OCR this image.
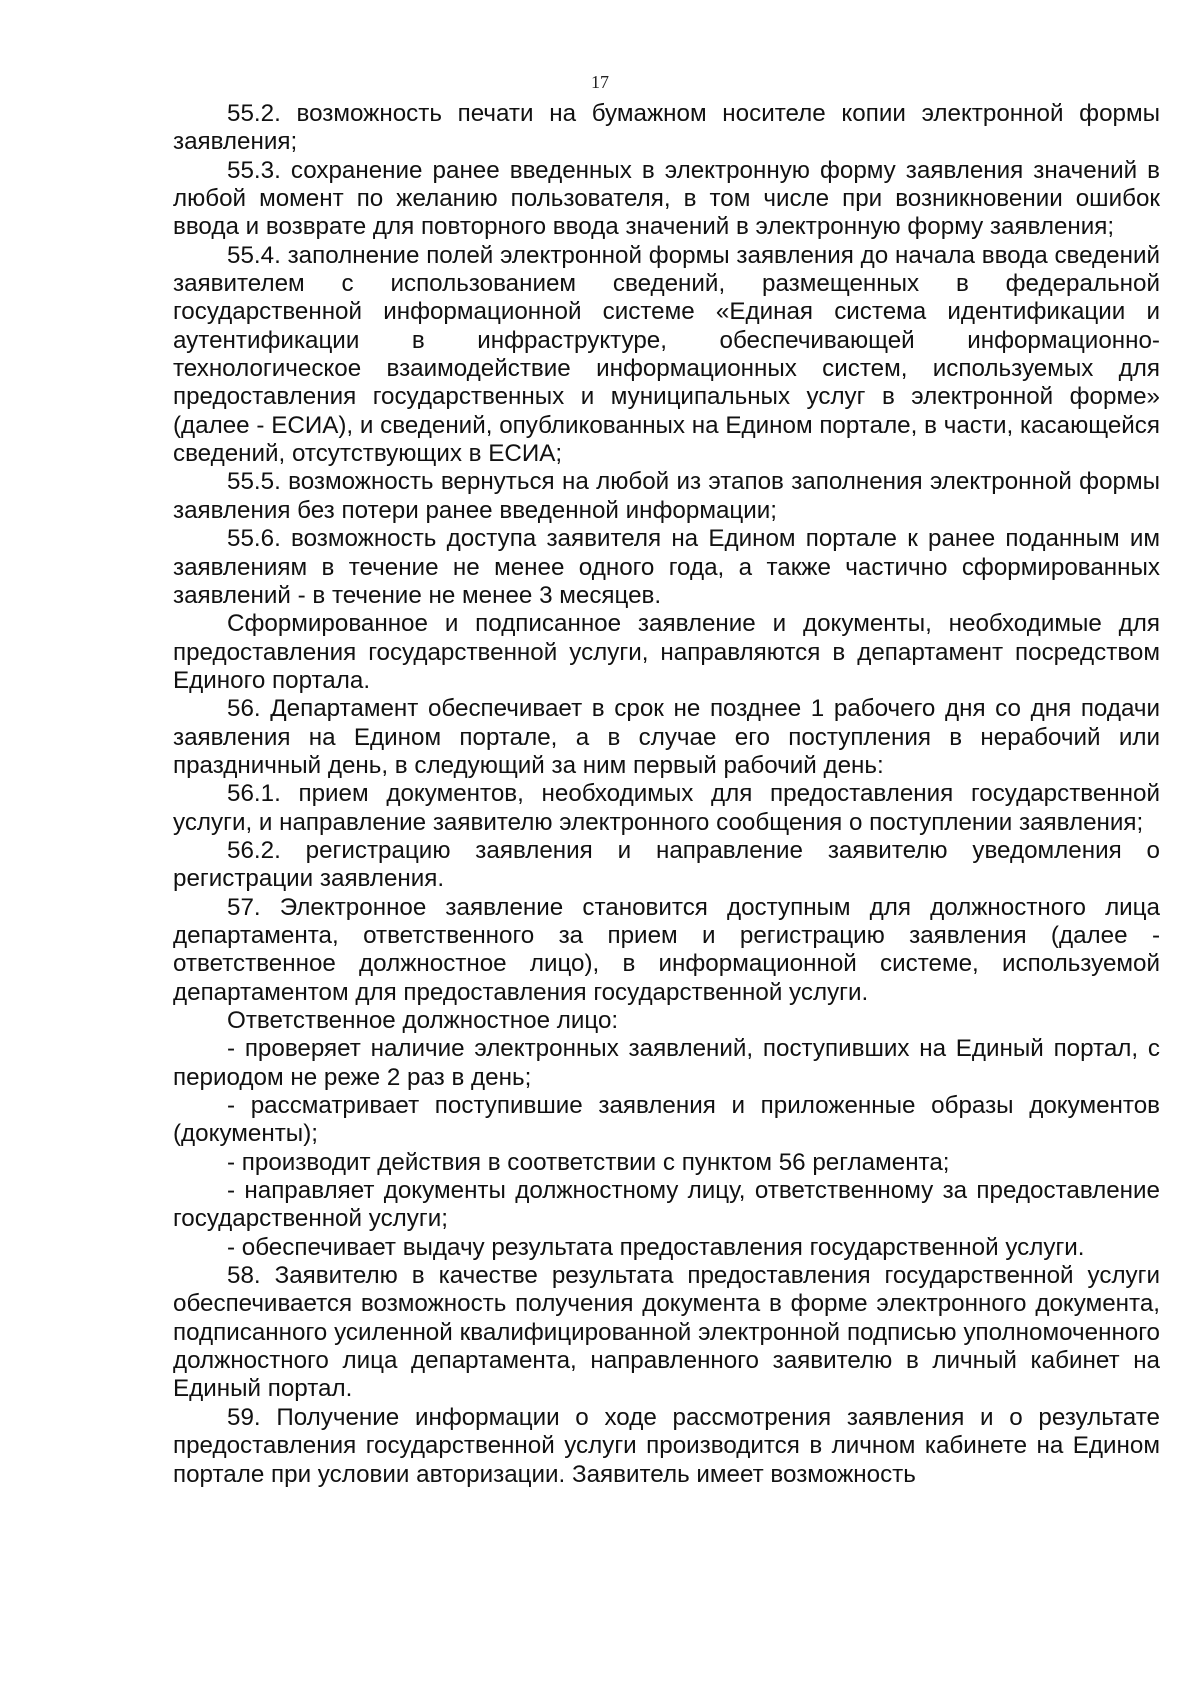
17

55.2. возможность печати на бумажном носителе копии электронной формы заявления;

55.3. сохранение ранее введенных в электронную форму заявления значений в любой момент по желанию пользователя, в том числе при возникновении ошибок ввода и возврате для повторного ввода значений в электронную форму заявления;

55.4. заполнение полей электронной формы заявления до начала ввода сведений заявителем с использованием сведений, размещенных в федеральной государственной информационной системе «Единая система идентификации и аутентификации в инфраструктуре, обеспечивающей информационно-технологическое взаимодействие информационных систем, используемых для предоставления государственных и муниципальных услуг в электронной форме» (далее - ЕСИА), и сведений, опубликованных на Едином портале, в части, касающейся сведений, отсутствующих в ЕСИА;

55.5. возможность вернуться на любой из этапов заполнения электронной формы заявления без потери ранее введенной информации;

55.6. возможность доступа заявителя на Едином портале к ранее поданным им заявлениям в течение не менее одного года, а также частично сформированных заявлений - в течение не менее 3 месяцев.

Сформированное и подписанное заявление и документы, необходимые для предоставления государственной услуги, направляются в департамент посредством Единого портала.

56. Департамент обеспечивает в срок не позднее 1 рабочего дня со дня подачи заявления на Едином портале, а в случае его поступления в нерабочий или праздничный день, в следующий за ним первый рабочий день:

56.1. прием документов, необходимых для предоставления государственной услуги, и направление заявителю электронного сообщения о поступлении заявления;

56.2. регистрацию заявления и направление заявителю уведомления о регистрации заявления.

57. Электронное заявление становится доступным для должностного лица департамента, ответственного за прием и регистрацию заявления (далее - ответственное должностное лицо), в информационной системе, используемой департаментом для предоставления государственной услуги.

Ответственное должностное лицо:

- проверяет наличие электронных заявлений, поступивших на Единый портал, с периодом не реже 2 раз в день;

- рассматривает поступившие заявления и приложенные образы документов (документы);

- производит действия в соответствии с пунктом 56 регламента;

- направляет документы должностному лицу, ответственному за предоставление государственной услуги;

- обеспечивает выдачу результата предоставления государственной услуги.

58. Заявителю в качестве результата предоставления государственной услуги обеспечивается возможность получения документа в форме электронного документа, подписанного усиленной квалифицированной электронной подписью уполномоченного должностного лица департамента, направленного заявителю в личный кабинет на Единый портал.

59. Получение информации о ходе рассмотрения заявления и о результате предоставления государственной услуги производится в личном кабинете на Едином портале при условии авторизации. Заявитель имеет возможность
